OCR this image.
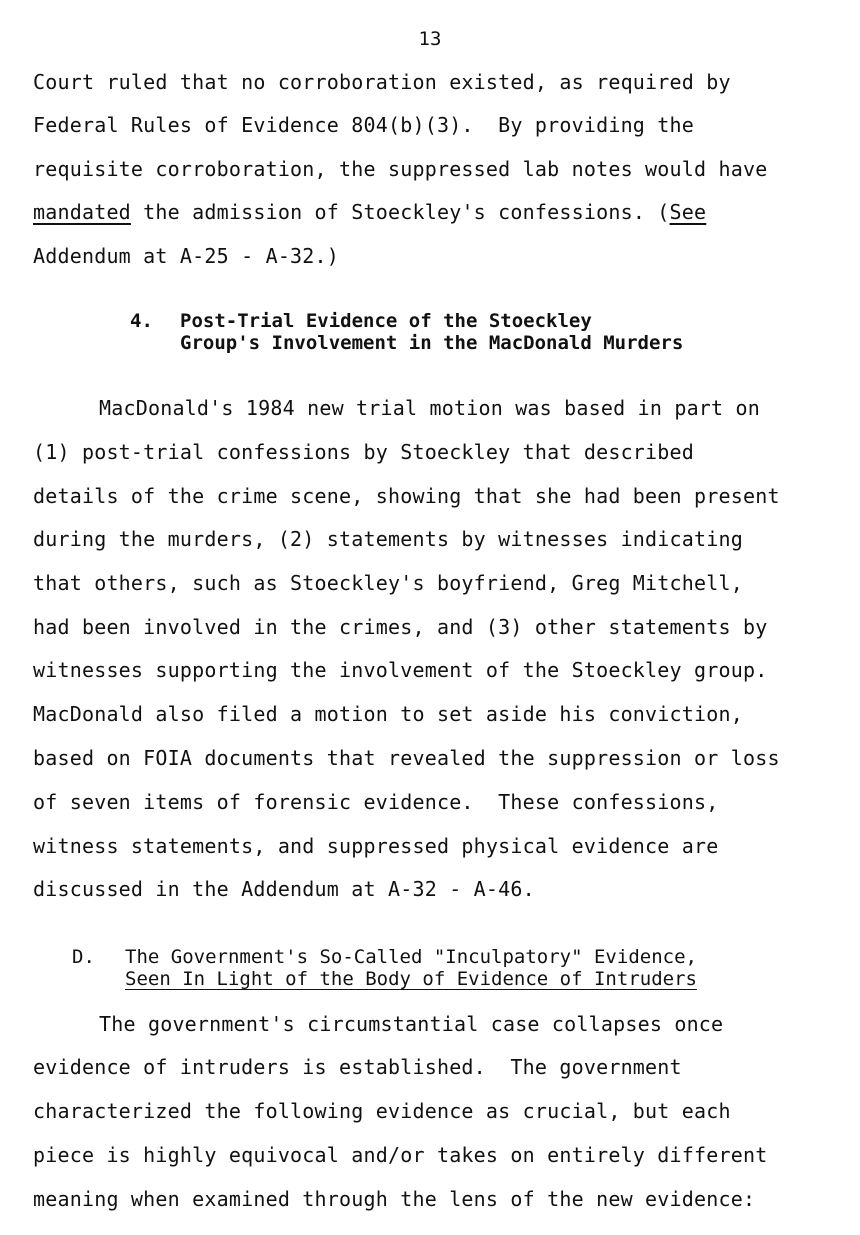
13
Court ruled that no corroboration existed, as required by
Federal Rules of Evidence 804(b)(3).  By providing the
requisite corroboration, the suppressed lab notes would have
mandated the admission of Stoeckley's confessions. (See
Addendum at A-25 - A-32.)
4. Post-Trial Evidence of the Stoeckley
Group's Involvement in the MacDonald Murders
MacDonald's 1984 new trial motion was based in part on
(1) post-trial confessions by Stoeckley that described
details of the crime scene, showing that she had been present
during the murders, (2) statements by witnesses indicating
that others, such as Stoeckley's boyfriend, Greg Mitchell,
had been involved in the crimes, and (3) other statements by
witnesses supporting the involvement of the Stoeckley group.
MacDonald also filed a motion to set aside his conviction,
based on FOIA documents that revealed the suppression or loss
of seven items of forensic evidence.  These confessions,
witness statements, and suppressed physical evidence are
discussed in the Addendum at A-32 - A-46.
D. The Government's So-Called "Inculpatory" Evidence,
Seen In Light of the Body of Evidence of Intruders
The government's circumstantial case collapses once
evidence of intruders is established.  The government
characterized the following evidence as crucial, but each
piece is highly equivocal and/or takes on entirely different
meaning when examined through the lens of the new evidence:
